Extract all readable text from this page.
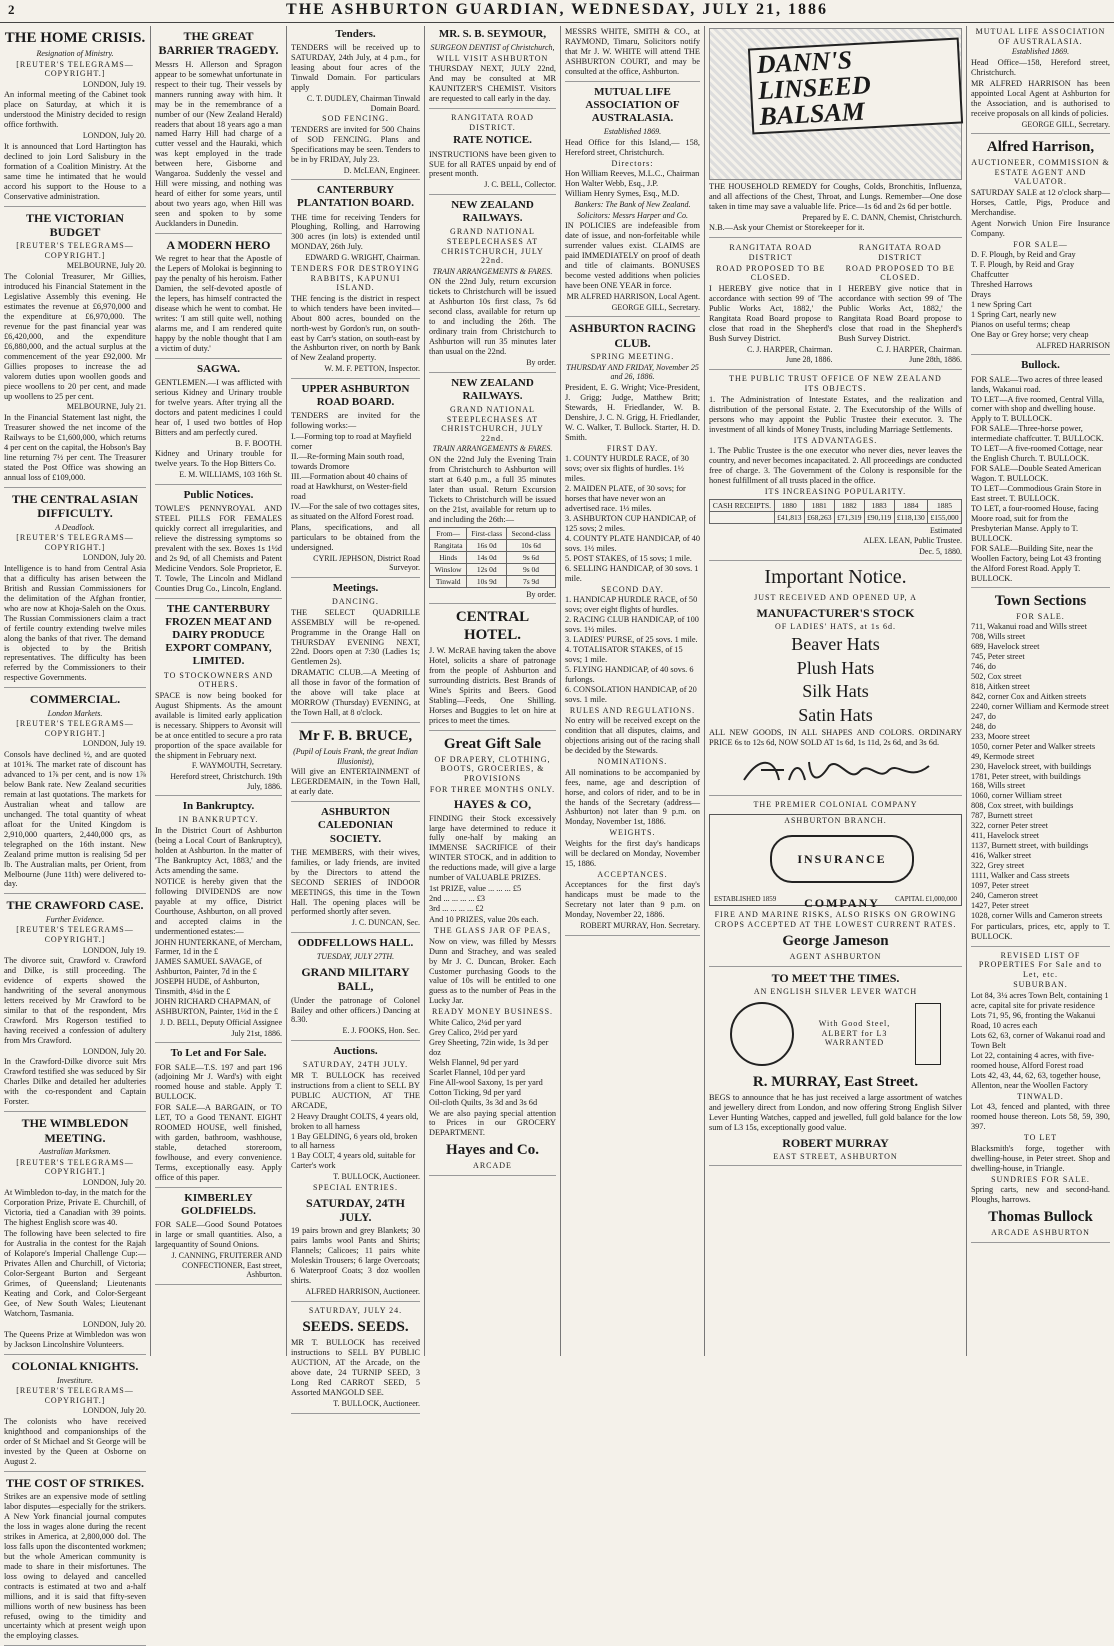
2	THE ASHBURTON GUARDIAN, WEDNESDAY, JULY 21, 1886
THE HOME CRISIS.
Resignation of Ministry.
[REUTER'S TELEGRAMS—COPYRIGHT.]
LONDON, July 19.
An informal meeting of the Cabinet took place on Saturday, at which it is understood the Ministry decided to resign office forthwith.
LONDON, July 20.
It is announced that Lord Hartington has declined to join Lord Salisbury in the formation of a Coalition Ministry. At the same time he intimated that he would accord his support to the House to a Conservative administration.
THE VICTORIAN BUDGET
[REUTER'S TELEGRAMS—COPYRIGHT.]
MELBOURNE, July 20.
The Colonial Treasurer, Mr Gillies, introduced his Financial Statement in the Legislative Assembly this evening. He estimates the revenue at £6,970,000 and the expenditure at £6,970,000. The revenue for the past financial year was £6,420,000, and the expenditure £6,880,000, and the actual surplus at the commencement of the year £92,000. Mr Gillies proposes to increase the ad valorem duties upon woollen goods and piece woollens to 20 per cent, and made up woollens to 25 per cent.
MELBOURNE, July 21.
In the Financial Statement last night, the Treasurer showed the net income of the Railways to be £1,600,000, which returns 4 per cent on the capital, the Hobson's Bay line returning 7½ per cent. The Treasurer stated the Post Office was showing an annual loss of £109,000.
THE CENTRAL ASIAN DIFFICULTY.
A Deadlock.
[REUTER'S TELEGRAMS—COPYRIGHT.]
LONDON, July 20.
Intelligence is to hand from Central Asia that a difficulty has arisen between the British and Russian Commissioners for the delimitation of the Afghan frontier, who are now at Khoja-Saleh on the Oxus. The Russian Commissioners claim a tract of fertile country extending twelve miles along the banks of that river. The demand is objected to by the British representatives. The difficulty has been referred by the Commissioners to their respective Governments.
COMMERCIAL.
London Markets.
[REUTER'S TELEGRAMS—COPYRIGHT.]
LONDON, July 19.
Consols have declined ½, and are quoted at 101⅝. The market rate of discount has advanced to 1⅞ per cent, and is now 1⅞ below Bank rate. New Zealand securities remain at last quotations. The markets for Australian wheat and tallow are unchanged. The total quantity of wheat afloat for the United Kingdom is 2,910,000 quarters, 2,440,000 qrs, as telegraphed on the 16th instant. New Zealand prime mutton is realising 5d per lb. The Australian malts, per Orient, from Melbourne (June 11th) were delivered to-day.
THE CRAWFORD CASE.
Further Evidence.
[REUTER'S TELEGRAMS—COPYRIGHT.]
LONDON, July 19.
The divorce suit, Crawford v. Crawford and Dilke, is still proceeding. The evidence of experts showed the handwriting of the several anonymous letters received by Mr Crawford to be similar to that of the respondent, Mrs Crawford. Mrs Rogerson testified to having received a confession of adultery from Mrs Crawford.
LONDON, July 20.
In the Crawford-Dilke divorce suit Mrs Crawford testified she was seduced by Sir Charles Dilke and detailed her adulteries with the co-respondent and Captain Forster.
THE WIMBLEDON MEETING.
Australian Marksmen.
[REUTER'S TELEGRAMS—COPYRIGHT.]
LONDON, July 20.
At Wimbledon to-day, in the match for the Corporation Prize, Private E. Churchill, of Victoria, tied a Canadian with 39 points. The highest English score was 40.
The following have been selected to fire for Australia in the contest for the Rajah of Kolapore's Imperial Challenge Cup:—Privates Allen and Churchill, of Victoria; Color-Sergeant Burton and Sergeant Grimes, of Queensland; Lieutenants Keating and Cork, and Color-Sergeant Gee, of New South Wales; Lieutenant Watchorn, Tasmania.
LONDON, July 20.
The Queens Prize at Wimbledon was won by Jackson Lincolnshire Volunteers.
COLONIAL KNIGHTS.
Investiture.
[REUTER'S TELEGRAMS—COPYRIGHT.]
LONDON, July 20.
The colonists who have received knighthood and companionships of the order of St Michael and St George will be invested by the Queen at Osborne on August 2.
THE COST OF STRIKES.
Strikes are an expensive mode of settling labor disputes—especially for the strikers. A New York financial journal computes the loss in wages alone during the recent strikes in America, at 2,800,000 dol. The loss falls upon the discontented workmen; but the whole American community is made to share in their misfortunes. The loss owing to delayed and cancelled contracts is estimated at two and a-half millions, and it is said that fifty-seven millions worth of new business has been refused, owing to the timidity and uncertainty which at present weigh upon the employing classes.
THE GREAT BARRIER TRAGEDY.
Messrs H. Allerson and Spragon appear to be somewhat unfortunate in respect to their tug. Their vessels by manners running away with him. It may be in the remembrance of a number of our (New Zealand Herald) readers that about 18 years ago a man named Harry Hill had charge of a cutter vessel and the Hauraki, which was kept employed in the trade between here, Gisborne and Wangaroa. Suddenly the vessel and Hill were missing, and nothing was heard of either for some years, until about two years ago, when Hill was seen and spoken to by some Aucklanders in Dunedin.
A MODERN HERO
We regret to hear that the Apostle of the Lepers of Molokai is beginning to pay the penalty of his heroism. Father Damien, the self-devoted apostle of the lepers, has himself contracted the disease which he went to combat. He writes: 'I am still quite well, nothing alarms me, and I am rendered quite happy by the noble thought that I am a victim of duty.'
SAGWA.
GENTLEMEN.—I was afflicted with serious Kidney and Urinary trouble for twelve years. After trying all the doctors and patent medicines I could hear of, I used two bottles of Hop Bitters and am perfectly cured.
B. F. BOOTH.
Kidney and Urinary trouble for twelve years. To the Hop Bitters Co.
E. M. WILLIAMS, 103 16th St.
Public Notices.
TOWLE'S PENNYROYAL AND STEEL PILLS FOR FEMALES quickly correct all irregularities, and relieve the distressing symptoms so prevalent with the sex. Boxes 1s 1½d and 2s 9d, of all Chemists and Patent Medicine Vendors. Sole Proprietor, E. T. Towle, The Lincoln and Midland Counties Drug Co., Lincoln, England.
THE CANTERBURY FROZEN MEAT AND DAIRY PRODUCE EXPORT COMPANY, LIMITED.
TO STOCKOWNERS AND OTHERS.
SPACE is now being booked for August Shipments. As the amount available is limited early application is necessary. Shippers to Avonsit will be at once entitled to secure a pro rata proportion of the space available for the shipment in February next.
F. WAYMOUTH, Secretary.
Hereford street, Christchurch. 19th July, 1886.
In Bankruptcy.
IN BANKRUPTCY.
In the District Court of Ashburton (being a Local Court of Bankruptcy), holden at Ashburton. In the matter of 'The Bankruptcy Act, 1883,' and the Acts amending the same.
NOTICE is hereby given that the following DIVIDENDS are now payable at my office, District Courthouse, Ashburton, on all proved and accepted claims in the undermentioned estates:—
JOHN HUNTERKANE, of Mercham, Farmer, 1d in the £
JAMES SAMUEL SAVAGE, of Ashburton, Painter, 7d in the £
JOSEPH HUDE, of Ashburton, Tinsmith, 4¼d in the £
JOHN RICHARD CHAPMAN, of ASHBURTON, Painter, 1½d in the £
J. D. BELL, Deputy Official Assignee
July 21st, 1886.
To Let and For Sale.
FOR SALE—T.S. 197 and part 196 (adjoining Mr J. Ward's) with eight roomed house and stable. Apply T. BULLOCK.
FOR SALE—A BARGAIN, or TO LET, TO a Good TENANT. EIGHT ROOMED HOUSE, well finished, with garden, bathroom, washhouse, stable, detached storeroom, fowlhouse, and every convenience. Terms, exceptionally easy. Apply office of this paper.
KIMBERLEY GOLDFIELDS.
FOR SALE—Good Sound Potatoes in large or small quantities. Also, a largequantity of Sound Onions.
J. CANNING, FRUITERER AND CONFECTIONER, East street, Ashburton.
Tenders.
TENDERS will be received up to SATURDAY, 24th July, at 4 p.m., for leasing about four acres of the Tinwald Domain. For particulars apply
C. T. DUDLEY, Chairman Tinwald Domain Board.
SOD FENCING.
TENDERS are invited for 500 Chains of SOD FENCING. Plans and Specifications may be seen. Tenders to be in by FRIDAY, July 23.
D. McLEAN, Engineer.
CANTERBURY PLANTATION BOARD.
THE time for receiving Tenders for Ploughing, Rolling, and Harrowing 300 acres (in lots) is extended until MONDAY, 26th July.
EDWARD G. WRIGHT, Chairman.
TENDERS FOR DESTROYING RABBITS, KAPUNUI ISLAND.
THE fencing is the district in respect to which tenders have been invited—About 800 acres, bounded on the north-west by Gordon's run, on south-east by Carr's station, on south-east by the Ashburton river, on north by Bank of New Zealand property.
W. M. F. PETTON, Inspector.
UPPER ASHBURTON ROAD BOARD.
TENDERS are invited for the following works:—
I.—Forming top to road at Mayfield corner
II.—Re-forming Main south road, towards Dromore
III.—Formation about 40 chains of road at Hawkhurst, on Wester-field road
IV.—For the sale of two cottages sites, as situated on the Alford Forest road.
Plans, specifications, and all particulars to be obtained from the undersigned.
CYRIL JEPHSON, District Road Surveyor.
Meetings.
DANCING.
THE SELECT QUADRILLE ASSEMBLY will be re-opened. Programme in the Orange Hall on THURSDAY EVENING NEXT, 22nd. Doors open at 7:30 (Ladies 1s; Gentlemen 2s).
DRAMATIC CLUB.—A Meeting of all those in favor of the formation of the above will take place at MORROW (Thursday) EVENING, at the Town Hall, at 8 o'clock.
Mr F. B. BRUCE,
(Pupil of Louis Frank, the great Indian Illusionist),
Will give an ENTERTAINMENT of LEGERDEMAIN, in the Town Hall, at early date.
ASHBURTON CALEDONIAN SOCIETY.
THE MEMBERS, with their wives, families, or lady friends, are invited by the Directors to attend the SECOND SERIES of INDOOR MEETINGS, this time in the Town Hall. The opening places will be performed shortly after seven.
J. C. DUNCAN, Sec.
ODDFELLOWS HALL.
TUESDAY, JULY 27TH.
GRAND MILITARY BALL,
(Under the patronage of Colonel Bailey and other officers.) Dancing at 8.30.
E. J. FOOKS, Hon. Sec.
Auctions.
SATURDAY, 24TH JULY.
MR T. BULLOCK has received instructions from a client to SELL BY PUBLIC AUCTION, AT THE ARCADE,
2 Heavy Draught COLTS, 4 years old, broken to all harness
1 Bay GELDING, 6 years old, broken to all harness
1 Bay COLT, 4 years old, suitable for Carter's work
T. BULLOCK, Auctioneer.
SPECIAL ENTRIES.
SATURDAY, 24TH JULY.
19 pairs brown and grey Blankets; 30 pairs lambs wool Pants and Shirts; Flannels; Calicoes; 11 pairs white Moleskin Trousers; 6 large Overcoats; 6 Waterproof Coats; 3 doz woollen shirts.
ALFRED HARRISON, Auctioneer.
SATURDAY, JULY 24.
SEEDS. SEEDS.
MR T. BULLOCK has received instructions to SELL BY PUBLIC AUCTION, AT the Arcade, on the above date, 24 TURNIP SEED, 3 Long Red CARROT SEED, 5 Assorted MANGOLD SEE.
T. BULLOCK, Auctioneer.
MR. S. B. SEYMOUR,
SURGEON DENTIST of Christchurch,
WILL VISIT ASHBURTON
THURSDAY NEXT, JULY 22nd, And may be consulted at MR KAUNITZER'S CHEMIST. Visitors are requested to call early in the day.
RANGITATA ROAD DISTRICT.
RATE NOTICE.
INSTRUCTIONS have been given to SUE for all RATES unpaid by end of present month.
J. C. BELL, Collector.
NEW ZEALAND RAILWAYS.
GRAND NATIONAL STEEPLECHASES AT CHRISTCHURCH, JULY 22nd.
TRAIN ARRANGEMENTS & FARES.
ON the 22nd July, return excursion tickets to Christchurch will be issued at Ashburton 10s first class, 7s 6d second class, available for return up to and including the 26th. The ordinary train from Christchurch to Ashburton will run 35 minutes later than usual on the 22nd.
By order.
NEW ZEALAND RAILWAYS.
GRAND NATIONAL STEEPLECHASES AT CHRISTCHURCH, JULY 22nd.
TRAIN ARRANGEMENTS & FARES.
ON the 22nd July the Evening Train from Christchurch to Ashburton will start at 6.40 p.m., a full 35 minutes later than usual. Return Excursion Tickets to Christchurch will be issued on the 21st, available for return up to and including the 26th:—
From—	First-class	Second-class
Rangitata	16s 0d	10s 6d
Hinds	14s 0d	9s 6d
Winslow	12s 0d	9s 0d
Tinwald	10s 9d	7s 9d
By order.
CENTRAL HOTEL.
J. W. McRAE having taken the above Hotel, solicits a share of patronage from the people of Ashburton and surrounding districts. Best Brands of Wine's Spirits and Beers. Good Stabling—Feeds, One Shilling. Horses and Buggies to let on hire at prices to meet the times.
Great Gift Sale
OF DRAPERY, CLOTHING, BOOTS, GROCERIES, & PROVISIONS
FOR THREE MONTHS ONLY.
HAYES & CO,
FINDING their Stock excessively large have determined to reduce it fully one-half by making an IMMENSE SACRIFICE of their WINTER STOCK, and in addition to the reductions made, will give a large number of VALUABLE PRIZES.
1st PRIZE, value ... ... ... £5
2nd ... ... ... ... £3
3rd ... ... ... ... £2
And 10 PRIZES, value 20s each.
THE GLASS JAR OF PEAS,
Now on view, was filled by Messrs Dunn and Strachey, and was sealed by Mr J. C. Duncan, Broker. Each Customer purchasing Goods to the value of 10s will be entitled to one guess as to the number of Peas in the Lucky Jar.
READY MONEY BUSINESS.
White Calico, 2¼d per yard
Grey Calico, 2½d per yard
Grey Sheeting, 72in wide, 1s 3d per doz
Welsh Flannel, 9d per yard
Scarlet Flannel, 10d per yard
Fine All-wool Saxony, 1s per yard
Cotton Ticking, 9d per yard
Oil-cloth Quilts, 3s 3d and 3s 6d
We are also paying special attention to Prices in our GROCERY DEPARTMENT.
Hayes and Co.
ARCADE
MESSRS WHITE, SMITH & CO., at RAYMOND, Timaru, Solicitors notify that Mr J. W. WHITE will attend THE ASHBURTON COURT, and may be consulted at the office, Ashburton.
MUTUAL LIFE ASSOCIATION OF AUSTRALASIA.
Established 1869.
Head Office for this Island,— 158, Hereford street, Christchurch.
Directors:
Hon William Reeves, M.L.C., Chairman
Hon Walter Webb, Esq., J.P.
William Henry Symes, Esq., M.D.
Bankers: The Bank of New Zealand.
Solicitors: Messrs Harper and Co.
IN POLICIES are indefeasible from date of issue, and non-forfeitable while surrender values exist. CLAIMS are paid IMMEDIATELY on proof of death and title of claimants. BONUSES become vested additions when policies have been ONE YEAR in force.
MR ALFRED HARRISON, Local Agent.
GEORGE GILL, Secretary.
ASHBURTON RACING CLUB.
SPRING MEETING.
THURSDAY AND FRIDAY, November 25 and 26, 1886.
President, E. G. Wright; Vice-President, J. Grigg; Judge, Matthew Britt; Stewards, H. Friedlander, W. B. Denshire, J. C. N. Grigg, H. Friedlander, W. C. Walker, T. Bullock. Starter, H. D. Smith.
FIRST DAY.
1. COUNTY HURDLE RACE, of 30 sovs; over six flights of hurdles. 1½ miles.
2. MAIDEN PLATE, of 30 sovs; for horses that have never won an advertised race. 1½ miles.
3. ASHBURTON CUP HANDICAP, of 125 sovs; 2 miles.
4. COUNTY PLATE HANDICAP, of 40 sovs. 1½ miles.
5. POST STAKES, of 15 sovs; 1 mile.
6. SELLING HANDICAP, of 30 sovs. 1 mile.
SECOND DAY.
1. HANDICAP HURDLE RACE, of 50 sovs; over eight flights of hurdles.
2. RACING CLUB HANDICAP, of 100 sovs. 1½ miles.
3. LADIES' PURSE, of 25 sovs. 1 mile.
4. TOTALISATOR STAKES, of 15 sovs; 1 mile.
5. FLYING HANDICAP, of 40 sovs. 6 furlongs.
6. CONSOLATION HANDICAP, of 20 sovs. 1 mile.
RULES AND REGULATIONS.
No entry will be received except on the condition that all disputes, claims, and objections arising out of the racing shall be decided by the Stewards.
NOMINATIONS.
All nominations to be accompanied by fees, name, age and description of horse, and colors of rider, and to be in the hands of the Secretary (address—Ashburton) not later than 9 p.m. on Monday, November 1st, 1886.
WEIGHTS.
Weights for the first day's handicaps will be declared on Monday, November 15, 1886.
ACCEPTANCES.
Acceptances for the first day's handicaps must be made to the Secretary not later than 9 p.m. on Monday, November 22, 1886.
ROBERT MURRAY, Hon. Secretary.
DANN'S LINSEED BALSAM
THE HOUSEHOLD REMEDY for Coughs, Colds, Bronchitis, Influenza, and all affections of the Chest, Throat, and Lungs. Remember—One dose taken in time may save a valuable life. Price—1s 6d and 2s 6d per bottle.
Prepared by E. C. DANN, Chemist, Christchurch.
N.B.—Ask your Chemist or Storekeeper for it.
RANGITATA ROAD DISTRICT
ROAD PROPOSED TO BE CLOSED.
I HEREBY give notice that in accordance with section 99 of 'The Public Works Act, 1882,' the Rangitata Road Board propose to close that road in the Shepherd's Bush Survey District.
C. J. HARPER, Chairman.
June 28, 1886.
RANGITATA ROAD DISTRICT
ROAD PROPOSED TO BE CLOSED.
I HEREBY give notice that in accordance with section 99 of 'The Public Works Act, 1882,' the Rangitata Road Board propose to close that road in the Shepherd's Bush Survey District.
C. J. HARPER, Chairman.
June 28th, 1886.
THE PUBLIC TRUST OFFICE OF NEW ZEALAND
ITS OBJECTS.
1. The Administration of Intestate Estates, and the realization and distribution of the personal Estate. 2. The Executorship of the Wills of persons who may appoint the Public Trustee their executor. 3. The investment of all kinds of Money Trusts, including Marriage Settlements.
ITS ADVANTAGES.
1. The Public Trustee is the one executor who never dies, never leaves the country, and never becomes incapacitated. 2. All proceedings are conducted free of charge. 3. The Government of the Colony is responsible for the honest fulfillment of all trusts placed in the office.
ITS INCREASING POPULARITY.
CASH RECEIPTS.	1880	1881	1882	1883	1884	1885
	£41,813	£68,263	£71,319	£90,119	£118,130	£155,000
Estimated
ALEX. LEAN, Public Trustee.
Dec. 5, 1880.
Important Notice.
JUST RECEIVED AND OPENED UP, A
MANUFACTURER'S STOCK
OF LADIES' HATS, at 1s 6d.
Beaver Hats
Plush Hats
Silk Hats
Satin Hats
ALL NEW GOODS, IN ALL SHAPES AND COLORS. ORDINARY PRICE 6s to 12s 6d, NOW SOLD AT 1s 6d, 1s 11d, 2s 6d, and 3s 6d.
THE PREMIER COLONIAL COMPANY
ASHBURTON BRANCH.
INSURANCE COMPANY
ESTABLISHED 1859	CAPITAL £1,000,000
FIRE AND MARINE RISKS, ALSO RISKS ON GROWING CROPS ACCEPTED AT THE LOWEST CURRENT RATES.
George Jameson
AGENT ASHBURTON
TO MEET THE TIMES.
AN ENGLISH SILVER LEVER WATCH
With Good Steel, ALBERT for L3 WARRANTED
R. MURRAY, East Street.
BEGS to announce that he has just received a large assortment of watches and jewellery direct from London, and now offering Strong English Silver Lever Hunting Watches, capped and jewelled, full gold balance for the low sum of L3 15s, exceptionally good value.
ROBERT MURRAY
EAST STREET, ASHBURTON
MUTUAL LIFE ASSOCIATION OF AUSTRALASIA.
Established 1869.
Head Office—158, Hereford street, Christchurch.
MR ALFRED HARRISON has been appointed Local Agent at Ashburton for the Association, and is authorised to receive proposals on all kinds of policies.
GEORGE GILL, Secretary.
Alfred Harrison,
AUCTIONEER, COMMISSION & ESTATE AGENT AND VALUATOR.
SATURDAY SALE at 12 o'clock sharp—Horses, Cattle, Pigs, Produce and Merchandise.
Agent Norwich Union Fire Insurance Company.
FOR SALE—
D. F. Plough, by Reid and Gray
T. F. Plough, by Reid and Gray
Chaffcutter
Threshed Harrows
Drays
1 new Spring Cart
1 Spring Cart, nearly new
Pianos on useful terms; cheap
One Bay or Grey horse; very cheap
ALFRED HARRISON
Bullock.
FOR SALE—Two acres of three leased lands, Wakanui road.
TO LET—A five roomed, Central Villa, corner with shop and dwelling house. Apply to T. BULLOCK.
FOR SALE—Three-horse power, intermediate chaffcutter. T. BULLOCK.
TO LET—A five-roomed Cottage, near the English Church. T. BULLOCK.
FOR SALE—Double Seated American Wagon. T. BULLOCK.
TO LET—Commodious Grain Store in East street. T. BULLOCK.
TO LET, a four-roomed House, facing Moore road, suit for from the Presbyterian Manse. Apply to T. BULLOCK.
FOR SALE—Building Site, near the Woollen Factory, being Lot 43 fronting the Alford Forest Road. Apply T. BULLOCK.
Town Sections
FOR SALE.
711, Wakanui road and Wills street
708, Wills street
689, Havelock street
745, Peter street
746, do
502, Cox street
818, Aitken street
842, corner Cox and Aitken streets
2240, corner William and Kermode street
247, do
248, do
233, Moore street
1050, corner Peter and Walker streets
49, Kermode street
230, Havelock street, with buildings
1781, Peter street, with buildings
168, Wills street
1060, corner William street
808, Cox street, with buildings
787, Burnett street
322, corner Peter street
411, Havelock street
1137, Burnett street, with buildings
416, Walker street
322, Grey street
1111, Walker and Cass streets
1097, Peter street
240, Cameron street
1427, Peter street
1028, corner Wills and Cameron streets
For particulars, prices, etc, apply to T. BULLOCK.
REVISED LIST OF PROPERTIES For Sale and to Let, etc.
SUBURBAN.
Lot 84, 3¼ acres Town Belt, containing 1 acre, capital site for private residence
Lots 71, 95, 96, fronting the Wakanui Road, 10 acres each
Lots 62, 63, corner of Wakanui road and Town Belt
Lot 22, containing 4 acres, with five-roomed house, Alford Forest road
Lots 42, 43, 44, 62, 63, together house, Allenton, near the Woollen Factory
TINWALD.
Lot 43, fenced and planted, with three roomed house thereon. Lots 58, 59, 390, 397.
TO LET
Blacksmith's forge, together with dwelling-house, in Peter street. Shop and dwelling-house, in Triangle.
SUNDRIES FOR SALE.
Spring carts, new and second-hand. Ploughs, harrows.
Thomas Bullock
ARCADE ASHBURTON
